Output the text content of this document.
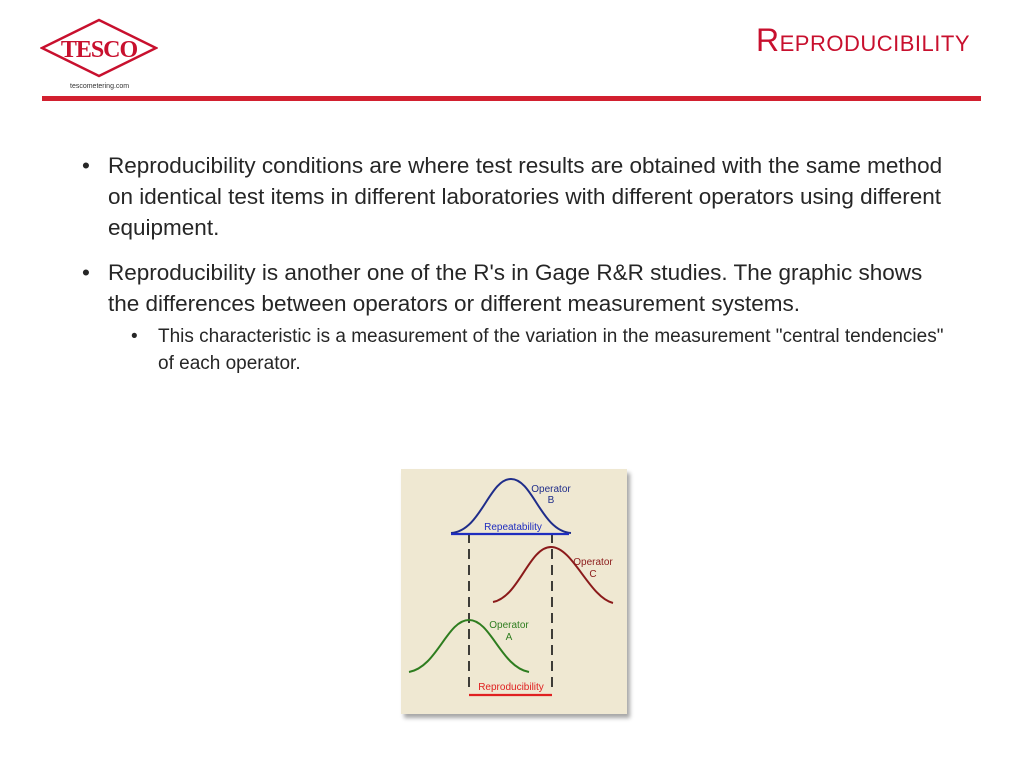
TESCO
tescometering.com
Reproducibility
• Reproducibility conditions are where test results are obtained with the same method on identical test items in different laboratories with different operators using different equipment.
• Reproducibility is another one of the R's in Gage R&R studies. The graphic shows the differences between operators or different measurement systems.
• This characteristic is a measurement of the variation in the measurement "central tendencies" of each operator.
Repeatability
Operator
B
Operator
C
Operator
A
Reproducibility
